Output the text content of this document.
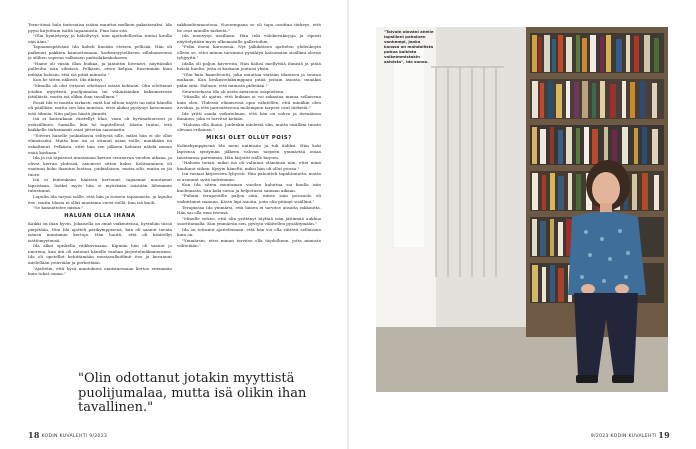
Terni-äissä hala tiutusaiisa isääni muuttui melkein pakoitavaksi. Ida pyysi kirjoittain isältä tapaamista. Pian hän sitä.

"Olin hymistyvyy ja hälsiltyvyt, niin ajattodelliseha tuntui kuulla nän ääni."

Tapaamispäivänä Ida kaheli lineään eteisen pellisää. Hän oli paikenut pakkien kaunottomaan, korkeasyytelliseen villahameensa ja silihen sopivan valkoisen paitisilakenkokseen.

"Hame oli väsän illan huikaa, ja jännittin hivenävi, näyttäisikö pulleulta isän silmissä. Pelkäsin, etten kelpaa. Ensemmän kuin mitään halusin, että isä pitää minusta."

Kun he sitten näkivät, Ida itkitsyi.

"Minulla oli olut virtavat odottaset isästä kohtaan. Olin odottanut jotakin myyttistä puolijumalaa tai vähintäänkin kaksimetristä jättiläistä, mutta isä olikin ihan tavallinen."

Ensiä Ida ei muista tarkasti, mitä hai siltoin näytti tai mitä hänellä oli päällään, mutta sen hän muistaa, ettei aluksi pystynyt katsomaan isää silmiin. Niin paljon häntä jännitti.

Isä ei kuitenkaan väistellyt Idaa, vaan oli hyvänahtoisesti ja ystävällinen. Samalla, kun he tuputellivat, Idasta tuntui, että kaikkelle tärkeimmät asiat jättettin sanomatta.

"Toiveiri hänelle jonkinlaista selitystä sille, miksi hän ei ole ollut elämässäni. Mutta kun isä ei ottanut asiaa esille, minäkään en uskaltanut. Pelkäsin, ettei hän sen jälkeen haluaisi nähdä minua enää koskaan."

Ida ja isä tapasivat muutaman kerran seuraavan vuoden aikana, ja olivat kerran yhdessä, asioineet sitten kaksi. Kohtaaminen oli vaatinut koko ihanitus luottaa, jonkinlaisen, mutta silti, mutta se jäi tuore.

Isä ei kuitenkaan hänestä kertonut, tapaamat muutamat lapsistaan, lisäksi myös hän ei myöskään isästään lähemmin tutustunut.

Lopulta Ida tarjosi isälle, että hän ja toiseen tapaamista, ja lopulta itse, mutta Idasta ei ollut muutama vuosi esillä, kun isä kuoli.

"Se kannattelee minua."

HALUAN OLLA IHANA

Kaikki on ihan hyvin. Jokaisella on omat vaikeutensa, hyvinhän tässä pärjätään. Niin Ida ajatteli parikymppisenä, kun oli saanut tavata isänsä muutamia kertoja. Hän hautti, että oli käsitellyt isättömyytensä.

Ida alkoi opiskella vaikkuvasana. Kipinän hän oli saanut jo nuorena, kun äiti oli antanut hänelle vanhan järjestelmäkameransa. Ida oli opetellut kehittämään mustavalkofilmit itse ja kuvannut mielellään ystäviään ja perhettään.

"Ajattelin, että hyvä muotokuva onnistuessaan kertoo enemmän kuin tuhat sanaa."

rakkaudenmuotona. Nuorempana se oli tapa osoittaa tärkeys, että he ovat minulle tärkeitä."

Ida meneytyi uraillaan. Hän teki valokuvakirjoja ja ripusti näyttelyitään myös ulkomaisille gallerioihin.

"Pidin itseni kiireisenä. Nyt jälkikäteen ajattelen yhdenkoyin olleen se, ettei minun tarvinnut pysähtyä katsomaan sisälläni olevaa tyhjyyttä."

Idalla oli paljon kavereita. Hän halusi miellyttää ihmisiä ja pitää heistä huolta, jotta ei koskaan joutuisi yksin.

"Olin kuin kameleontti, joka muuttaa väriään tilanteen ja seuran mukaan. Kun keskustelukumppani pitää jostain asiasta, minäkin pidin siitä. Halusin, että minusta pidetään."

Seurustelussa Ida oli usein antavana osapuolena.

"Minulla oli ajatus, että kukaan ei voi rakastaa minua sellaisena kuin olen. Yhdessä elämisessä opin vähitellen, että minäkin olen arvokas, ja että parisuhteessa molempien tarpeet ovat tärkeitä."

Ida yritti saada vaikutelman, että hän on vahva ja itsenäinen ihminen, joka ei tarvitse ketään.

"Halusin olla ihana. Joidenkin mielestä olin, mutta sisälläni tunsin olevani erilainen."

MIKSI OLET OLLUT POIS?

Kolmekymppisenä Ida meni naimisiin ja tuli äidiksi. Hän koki lapsensa syntymän jälkeen vahvan tarpeen ymmärtää omaa taustaansa paremmin. Hän kirjoitti isälle kirjeen.

"Halusin tietää, miksi isä oli valinnut elämänsä niin, ettei minä kuulunut siihen. Kysyin häneltä, miksi hän oli ollut poissa."

Isä vastasi kirjeeseen lyhyesti. Hän pahoitteli tapahtunutta, mutta ei avannut syitä tarkemmin.

Kun Ida sitten muutaman vuoden kuluttua sai kuulla isän kuolemasta, hän koki surua ja helpotusta samaan aikaan.

"Puhuin terapeutille paljon siitä, miten isän poissaolo oli vaikuttanut minuun. Kävin läpi asioita, joita olin pitänyt sisälläni."

Terapiassa Ida ymmärsi, että hänen ei tarvitse ansaita rakkautta. Hän sai olla oma itsensä.

"Minulle selvisi, että olin yrittänyt täyttää isän jättämää aukkoa suorittamalla. Kun ymmärsin sen, pystyin vähitellen pysähtymään."

Ida on tottunut ajattelemaan, että hän voi olla riittävä sellaisena kuin on.

"Ymmärsin, ettei minun tarvitse olla täydellinen, jotta minusta välitetään."

"Olin odottanut jotakin myyttistä puolijumalaa, mutta isä olikin ihan tavallinen."
"Toivoin oloväni anelle lapsilleni pahoinen vanhempi, jonka kanssa on mahdollista puhua kaikista vaikeimmistakin asioista", Ida sanoo.
18 KODIN KUVALEHTI 9/2023	9/2023 KODIN KUVALEHTI 19
